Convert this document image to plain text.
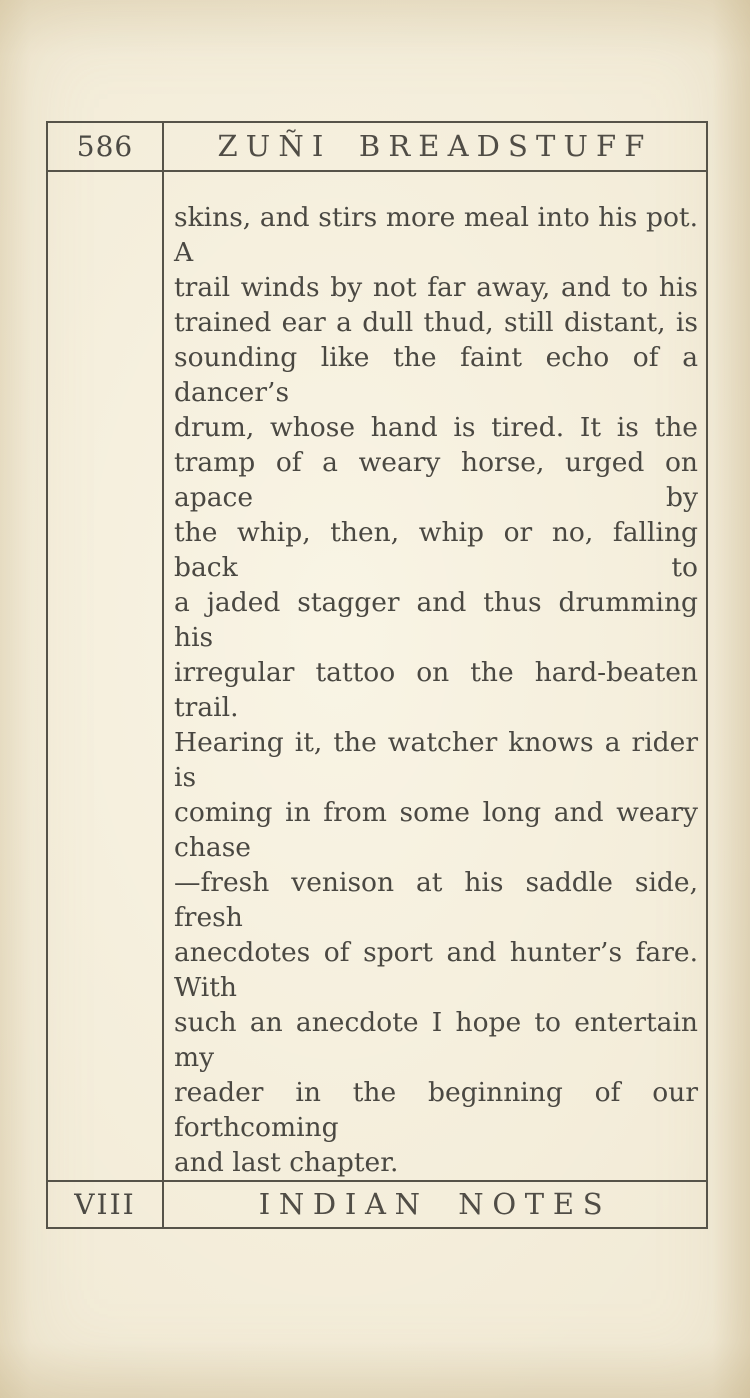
586	ZUÑI BREADSTUFF
skins, and stirs more meal into his pot. A
trail winds by not far away, and to his
trained ear a dull thud, still distant, is
sounding like the faint echo of a dancer’s
drum, whose hand is tired. It is the
tramp of a weary horse, urged on apace by
the whip, then, whip or no, falling back to
a jaded stagger and thus drumming his
irregular tattoo on the hard-beaten trail.
Hearing it, the watcher knows a rider is
coming in from some long and weary chase
—fresh venison at his saddle side, fresh
anecdotes of sport and hunter’s fare. With
such an anecdote I hope to entertain my
reader in the beginning of our forthcoming
and last chapter.
VIII	INDIAN NOTES
